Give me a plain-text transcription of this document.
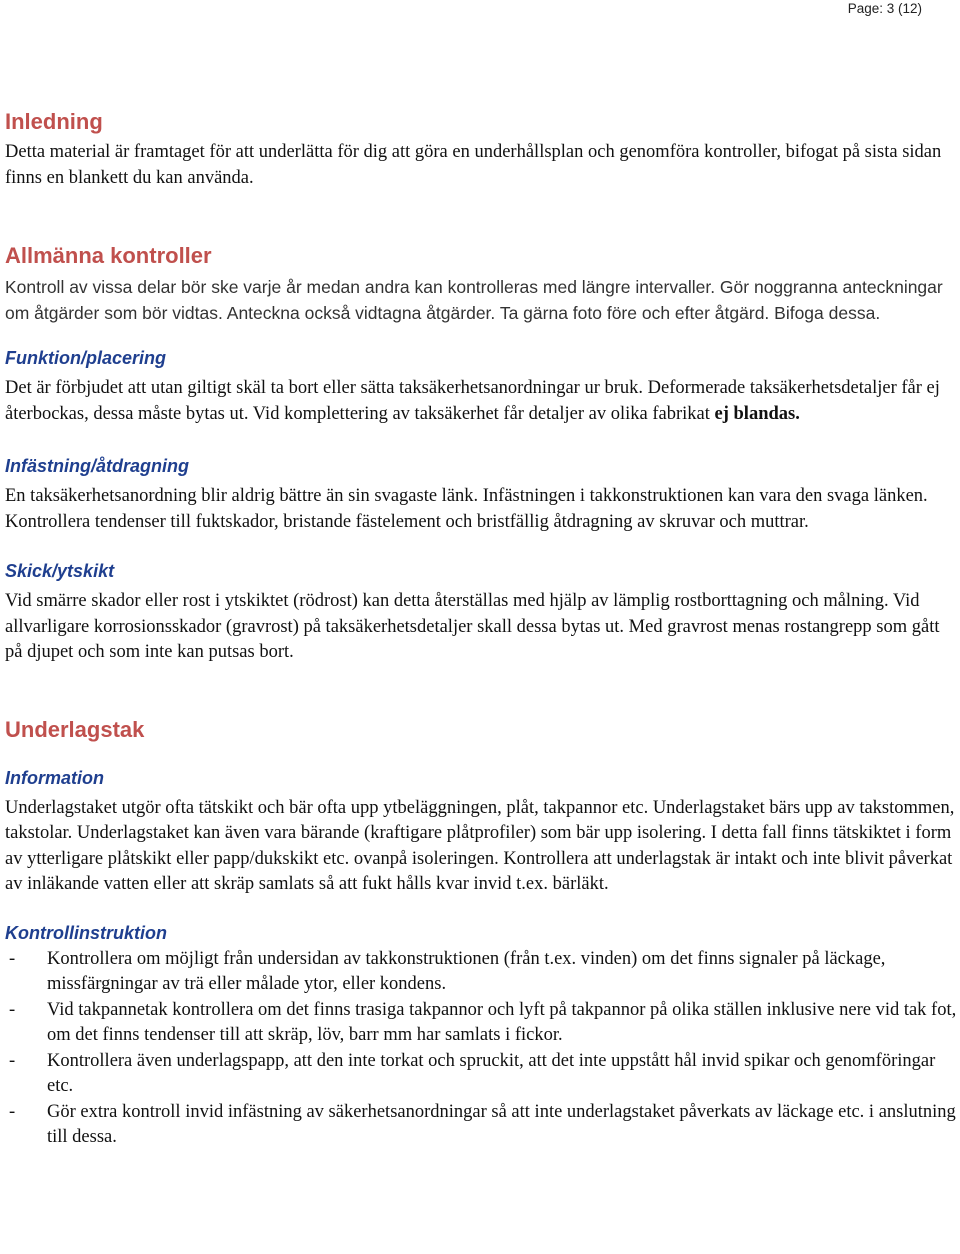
Page: 3 (12)
Inledning

Detta material är framtaget för att underlätta för dig att göra en underhållsplan och genomföra kontroller, bifogat på sista sidan finns en blankett du kan använda.

Allmänna kontroller

Kontroll av vissa delar bör ske varje år medan andra kan kontrolleras med längre intervaller. Gör noggranna anteckningar om åtgärder som bör vidtas. Anteckna också vidtagna åtgärder. Ta gärna foto före och efter åtgärd. Bifoga dessa.

Funktion/placering

Det är förbjudet att utan giltigt skäl ta bort eller sätta taksäkerhetsanordningar ur bruk. Deformerade taksäkerhetsdetaljer får ej återbockas, dessa måste bytas ut. Vid komplettering av taksäkerhet får detaljer av olika fabrikat ej blandas.

Infästning/åtdragning

En taksäkerhetsanordning blir aldrig bättre än sin svagaste länk. Infästningen i takkonstruktionen kan vara den svaga länken. Kontrollera tendenser till fuktskador, bristande fästelement och bristfällig åtdragning av skruvar och muttrar.

Skick/ytskikt

Vid smärre skador eller rost i ytskiktet (rödrost) kan detta återställas med hjälp av lämplig rostborttagning och målning. Vid allvarligare korrosionsskador (gravrost) på taksäkerhetsdetaljer skall dessa bytas ut. Med gravrost menas rostangrepp som gått på djupet och som inte kan putsas bort.

Underlagstak
Information

Underlagstaket utgör ofta tätskikt och bär ofta upp ytbeläggningen, plåt, takpannor etc. Underlagstaket bärs upp av takstommen, takstolar. Underlagstaket kan även vara bärande (kraftigare plåtprofiler) som bär upp isolering. I detta fall finns tätskiktet i form av ytterligare plåtskikt eller papp/dukskikt etc. ovanpå isoleringen. Kontrollera att underlagstak är intakt och inte blivit påverkat av inläkande vatten eller att skräp samlats så att fukt hålls kvar invid t.ex. bärläkt.

Kontrollinstruktion
- Kontrollera om möjligt från undersidan av takkonstruktionen (från t.ex. vinden) om det finns signaler på läckage, missfärgningar av trä eller målade ytor, eller kondens.
- Vid takpannetak kontrollera om det finns trasiga takpannor och lyft på takpannor på olika ställen inklusive nere vid tak fot, om det finns tendenser till att skräp, löv, barr mm har samlats i fickor.
- Kontrollera även underlagspapp, att den inte torkat och spruckit, att det inte uppstått hål invid spikar och genomföringar etc.
- Gör extra kontroll invid infästning av säkerhetsanordningar så att inte underlagstaket påverkats av läckage etc. i anslutning till dessa.
